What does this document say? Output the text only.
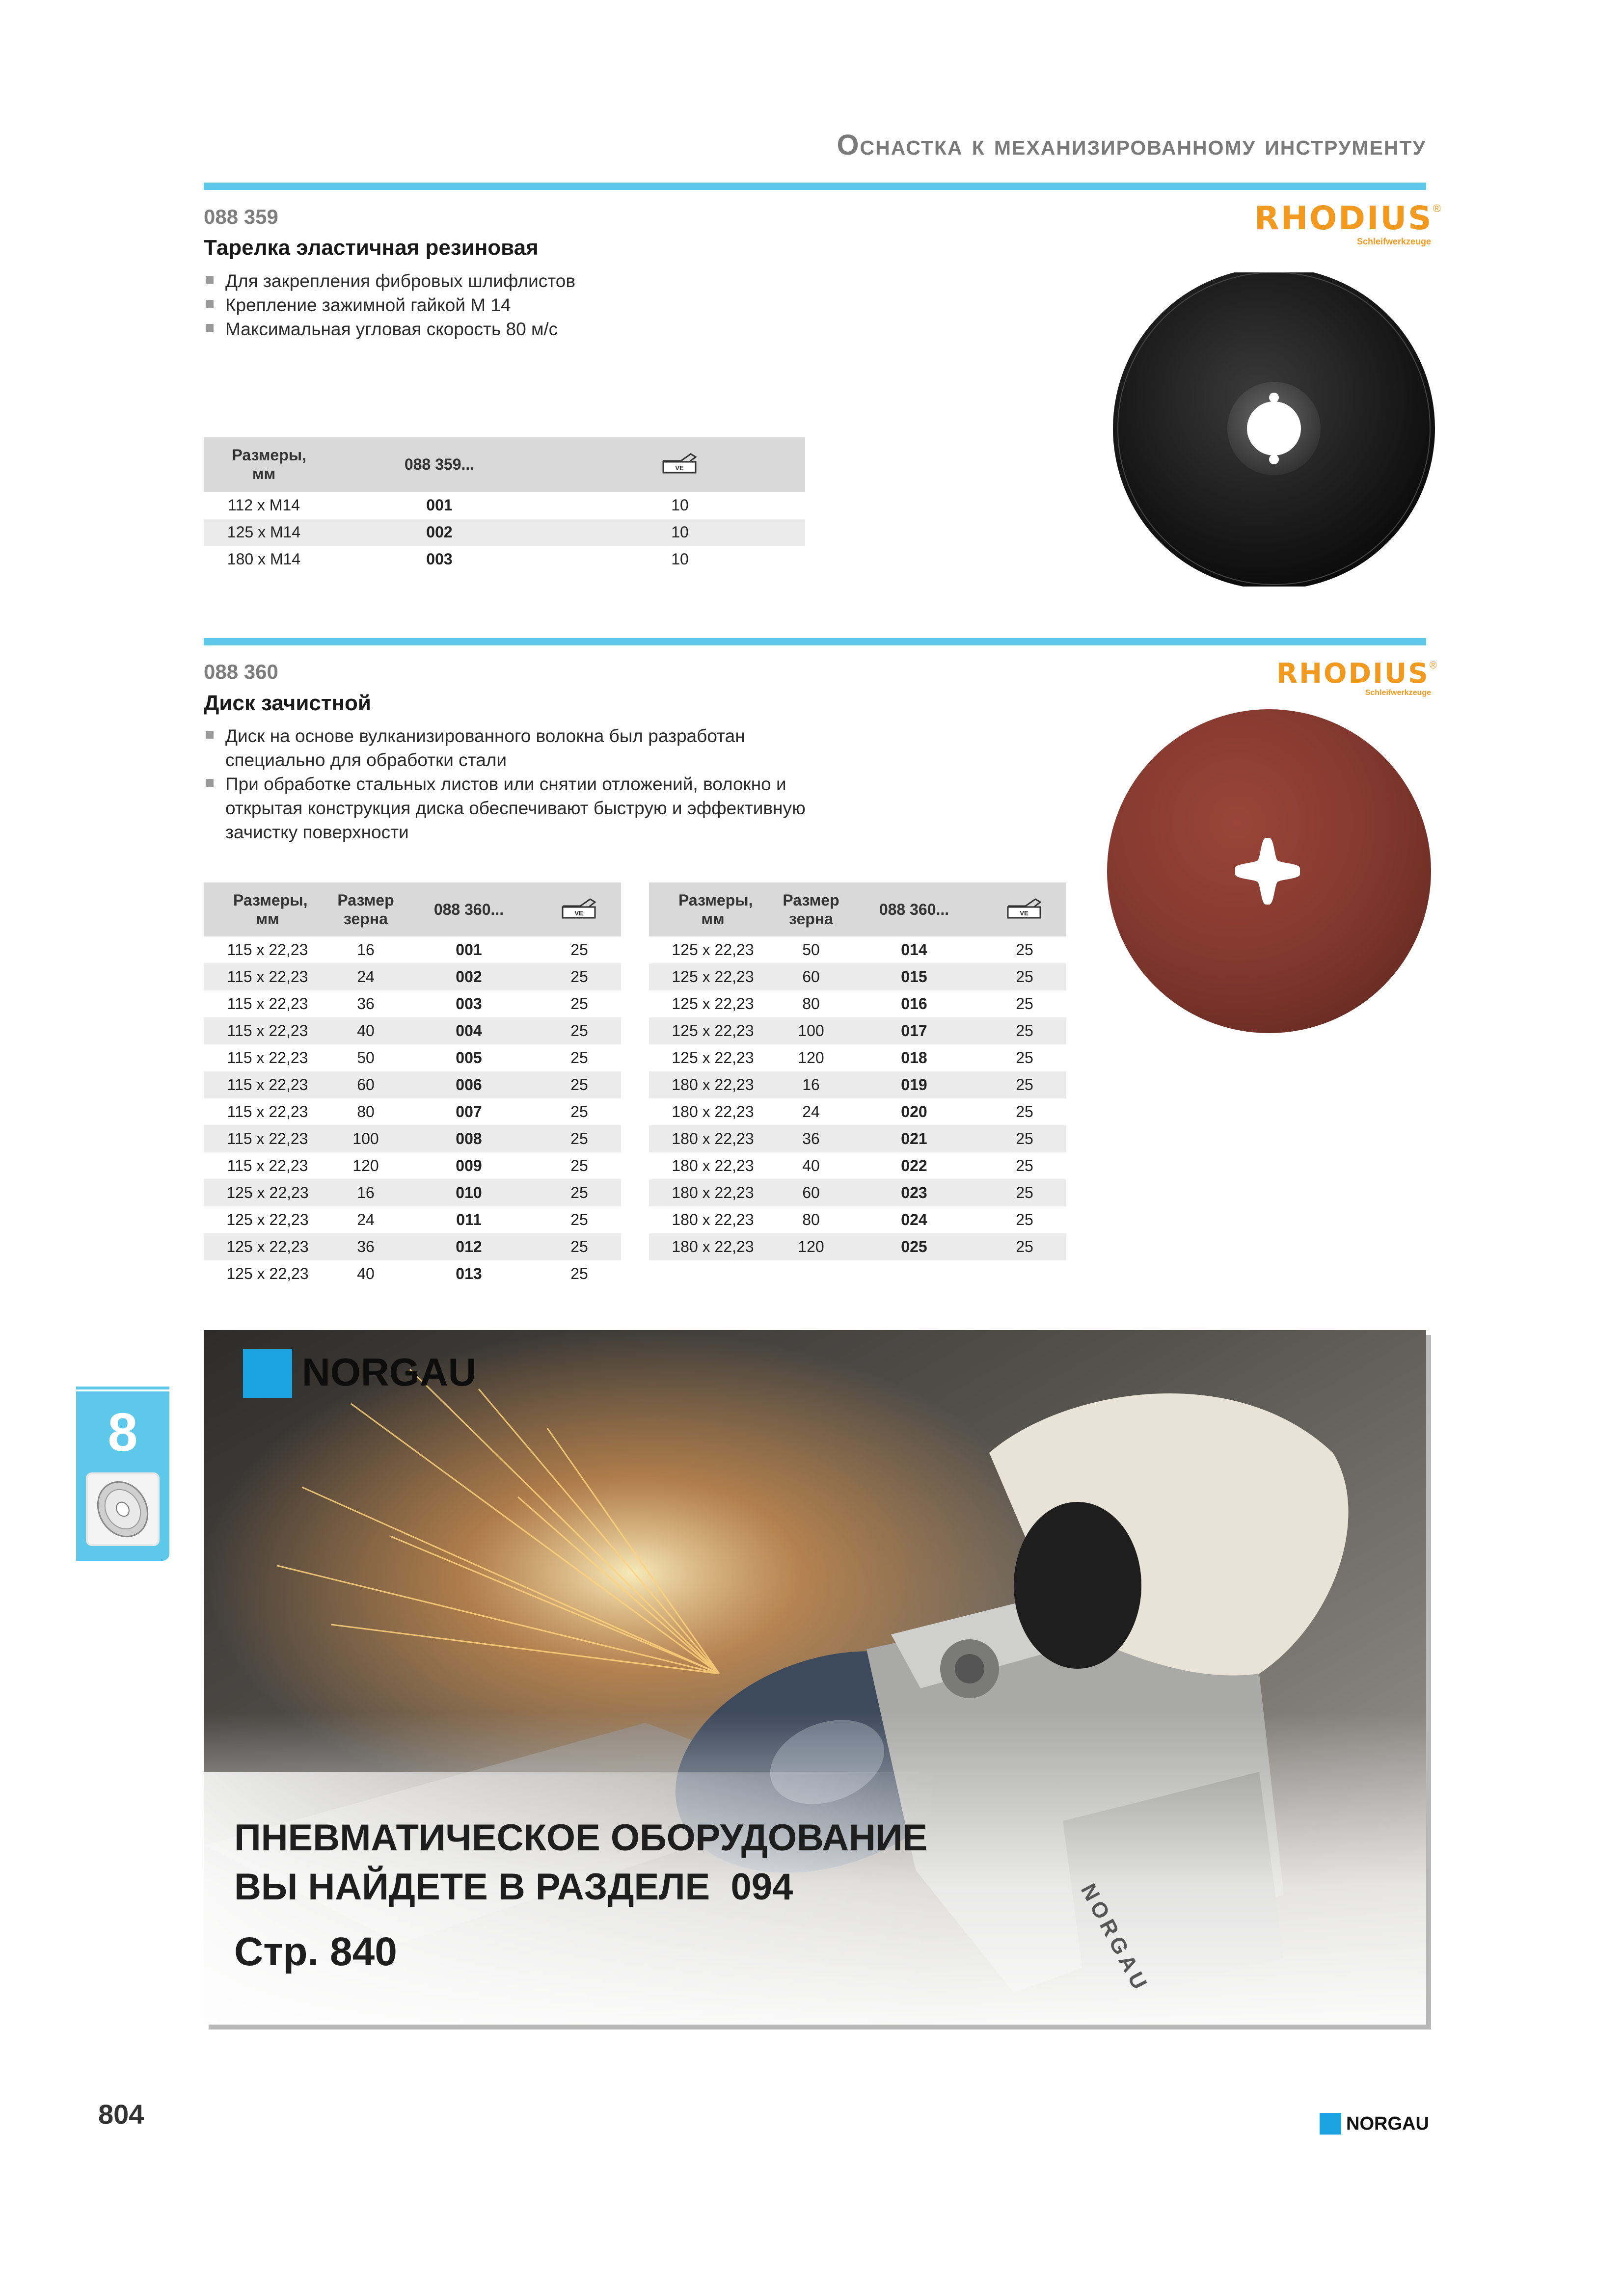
Оснастка к механизированному инструменту
088 359
Тарелка эластичная резиновая
Для закрепления фибровых шлифлистов
Крепление зажимной гайкой М 14
Максимальная угловая скорость 80 м/с
RHODIUS®
Schleifwerkzeuge
Размеры, мм	088 359...	VE

112 x M14	001	10
125 x M14	002	10
180 x M14	003	10
088 360
Диск зачистной
Диск на основе вулканизированного волокна был разработан специально для обработки стали
При обработке стальных листов или снятии отложений, волокно и открытая конструкция диска обеспечивают быструю и эффективную зачистку поверхности
RHODIUS®
Schleifwerkzeuge
Размеры, мм	Размер зерна	088 360...	VE

115 x 22,23	16	001	25
115 x 22,23	24	002	25
115 x 22,23	36	003	25
115 x 22,23	40	004	25
115 x 22,23	50	005	25
115 x 22,23	60	006	25
115 x 22,23	80	007	25
115 x 22,23	100	008	25
115 x 22,23	120	009	25
125 x 22,23	16	010	25
125 x 22,23	24	011	25
125 x 22,23	36	012	25
125 x 22,23	40	013	25
Размеры, мм	Размер зерна	088 360...	VE

125 x 22,23	50	014	25
125 x 22,23	60	015	25
125 x 22,23	80	016	25
125 x 22,23	100	017	25
125 x 22,23	120	018	25
180 x 22,23	16	019	25
180 x 22,23	24	020	25
180 x 22,23	36	021	25
180 x 22,23	40	022	25
180 x 22,23	60	023	25
180 x 22,23	80	024	25
180 x 22,23	120	025	25
8
NORGAU
ПНЕВМАТИЧЕСКОЕ ОБОРУДОВАНИЕ
ВЫ НАЙДЕТЕ В РАЗДЕЛЕ  094
Стр. 840	NORGAU
804	NORGAU
